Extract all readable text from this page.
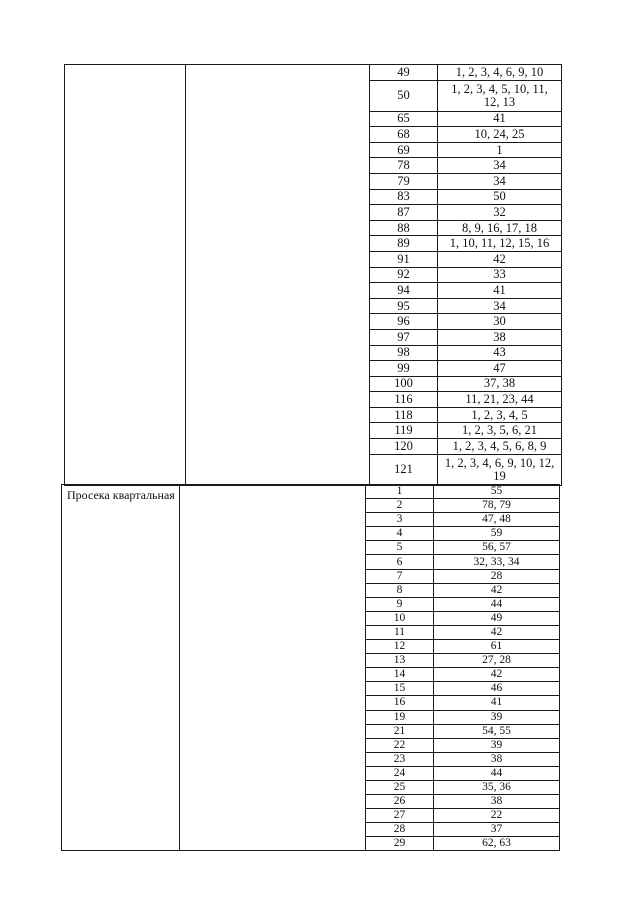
		49	1, 2, 3, 4, 6, 9, 10
		50	1, 2, 3, 4, 5, 10, 11, 12, 13

		65	41
		68	10, 24, 25
		69	1
		78	34
		79	34
		83	50
		87	32
		88	8, 9, 16, 17, 18
		89	1, 10, 11, 12, 15, 16
		91	42
		92	33
		94	41
		95	34
		96	30
		97	38
		98	43
		99	47
		100	37, 38
		116	11, 21, 23, 44
		118	1, 2, 3, 4, 5
		119	1, 2, 3, 5, 6, 21
		120	1, 2, 3, 4, 5, 6, 8, 9
		121	1, 2, 3, 4, 6, 9, 10, 12, 19
Просека квартальная		1	55
		2	78, 79
		3	47, 48
		4	59
		5	56, 57
		6	32, 33, 34
		7	28
		8	42
		9	44
		10	49
		11	42
		12	61
		13	27, 28
		14	42
		15	46
		16	41
		19	39
		21	54, 55
		22	39
		23	38
		24	44
		25	35, 36
		26	38
		27	22
		28	37
		29	62, 63
